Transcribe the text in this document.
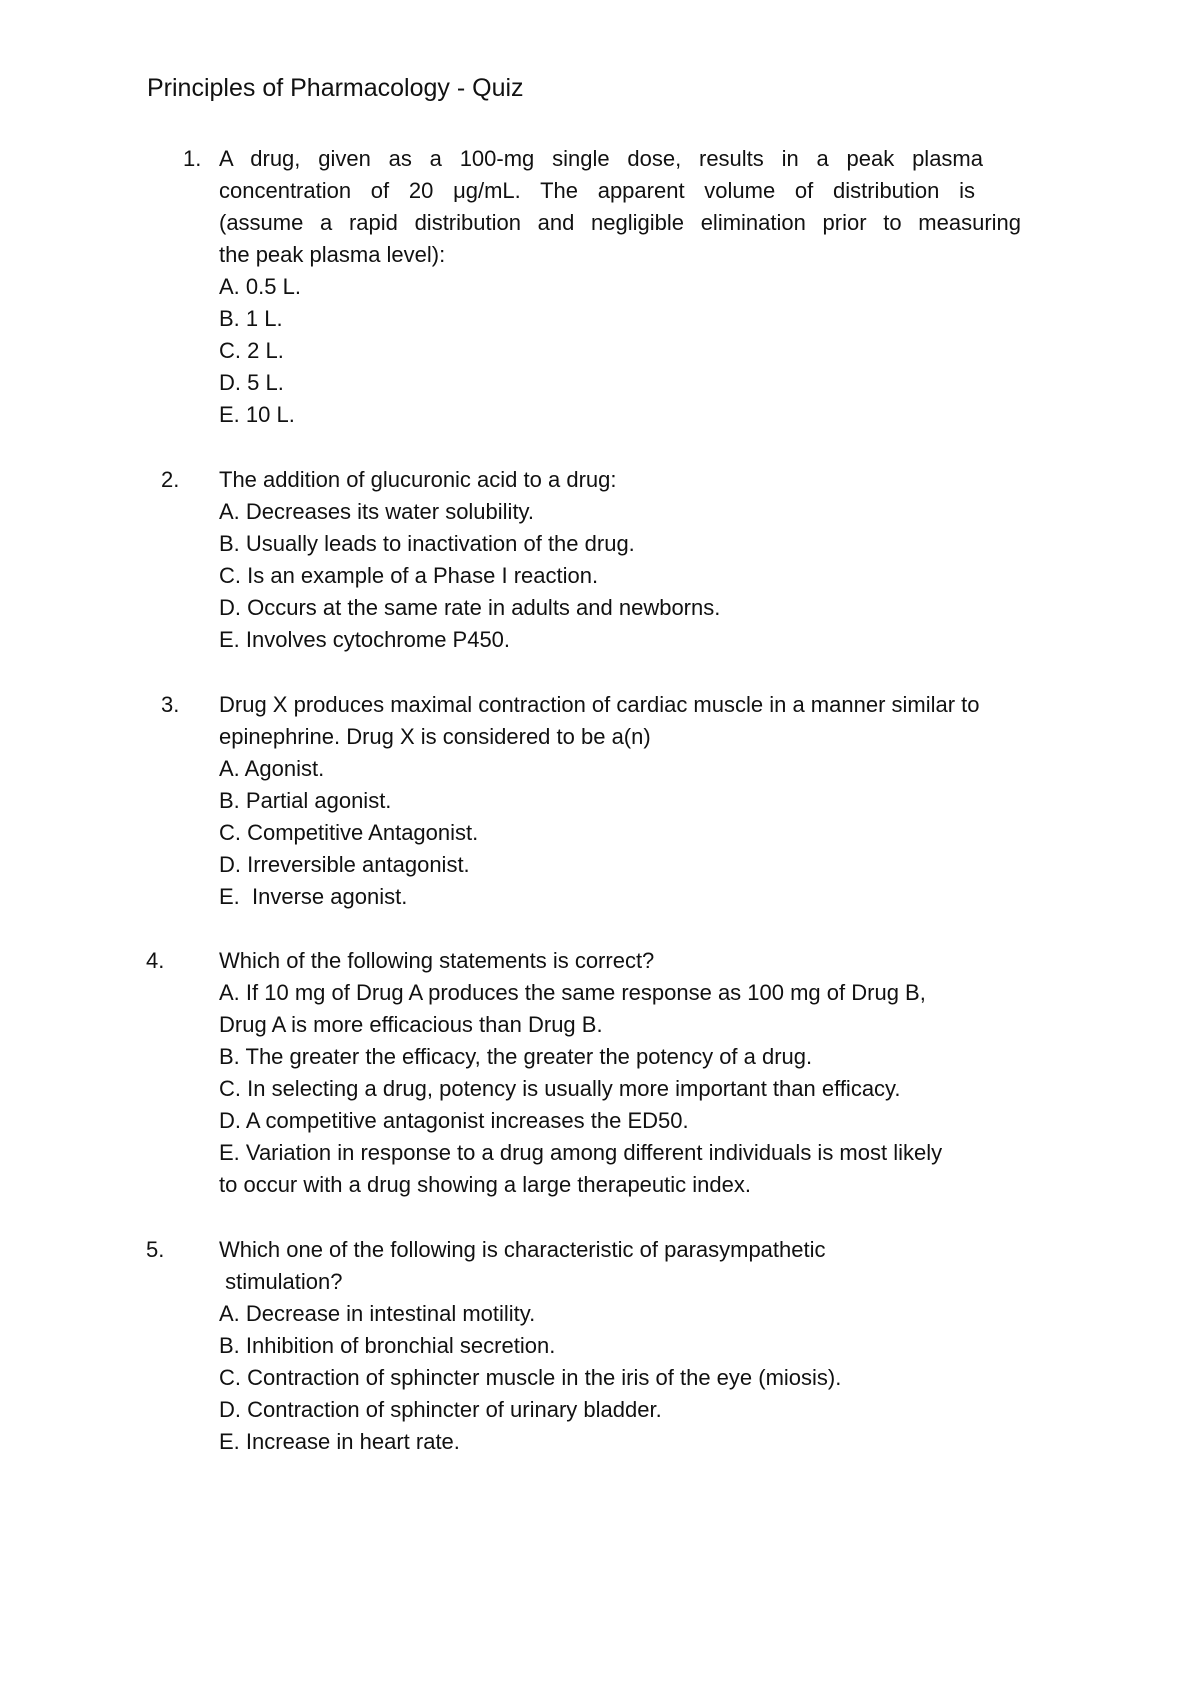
Principles of Pharmacology - Quiz
1. A drug, given as a 100-mg single dose, results in a peak plasma
concentration of 20 μg/mL. The apparent volume of distribution is
(assume a rapid distribution and negligible elimination prior to measuring
the peak plasma level):
A. 0.5 L.
B. 1 L.
C. 2 L.
D. 5 L.
E. 10 L.
2. The addition of glucuronic acid to a drug:
A. Decreases its water solubility.
B. Usually leads to inactivation of the drug.
C. Is an example of a Phase I reaction.
D. Occurs at the same rate in adults and newborns.
E. Involves cytochrome P450.
3. Drug X produces maximal contraction of cardiac muscle in a manner similar to
epinephrine. Drug X is considered to be a(n)
A. Agonist.
B. Partial agonist.
C. Competitive Antagonist.
D. Irreversible antagonist.
E.  Inverse agonist.
4. Which of the following statements is correct?
A. If 10 mg of Drug A produces the same response as 100 mg of Drug B,
Drug A is more efficacious than Drug B.
B. The greater the efficacy, the greater the potency of a drug.
C. In selecting a drug, potency is usually more important than efficacy.
D. A competitive antagonist increases the ED50.
E. Variation in response to a drug among different individuals is most likely
to occur with a drug showing a large therapeutic index.
5. Which one of the following is characteristic of parasympathetic
stimulation?
A. Decrease in intestinal motility.
B. Inhibition of bronchial secretion.
C. Contraction of sphincter muscle in the iris of the eye (miosis).
D. Contraction of sphincter of urinary bladder.
E. Increase in heart rate.
